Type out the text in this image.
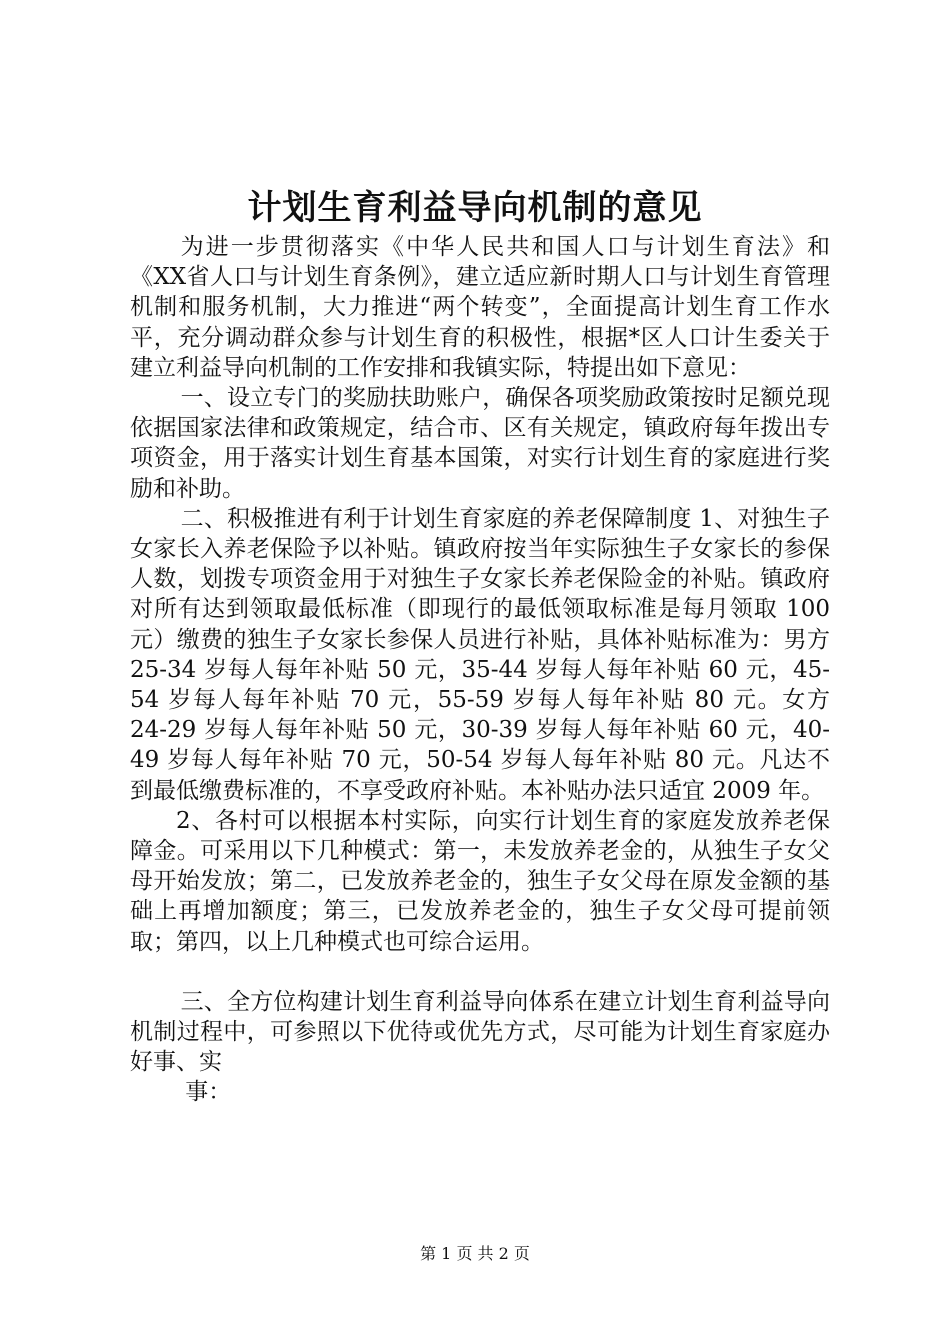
计划生育利益导向机制的意见

为进一步贯彻落实《中华人民共和国人口与计划生育法》和《XX省人口与计划生育条例》，建立适应新时期人口与计划生育管理机制和服务机制，大力推进“两个转变”，全面提高计划生育工作水平，充分调动群众参与计划生育的积极性，根据*区人口计生委关于建立利益导向机制的工作安排和我镇实际，特提出如下意见：

一、设立专门的奖励扶助账户，确保各项奖励政策按时足额兑现依据国家法律和政策规定，结合市、区有关规定，镇政府每年拨出专项资金，用于落实计划生育基本国策，对实行计划生育的家庭进行奖励和补助。

二、积极推进有利于计划生育家庭的养老保障制度 1、对独生子女家长入养老保险予以补贴。镇政府按当年实际独生子女家长的参保人数，划拨专项资金用于对独生子女家长养老保险金的补贴。镇政府对所有达到领取最低标准（即现行的最低领取标准是每月领取 100 元）缴费的独生子女家长参保人员进行补贴，具体补贴标准为：男方 25-34 岁每人每年补贴 50 元，35-44 岁每人每年补贴 60 元，45-54 岁每人每年补贴 70 元，55-59 岁每人每年补贴 80 元。女方 24-29 岁每人每年补贴 50 元，30-39 岁每人每年补贴 60 元，40-49 岁每人每年补贴 70 元，50-54 岁每人每年补贴 80 元。凡达不到最低缴费标准的，不享受政府补贴。本补贴办法只适宜 2009 年。

2、各村可以根据本村实际，向实行计划生育的家庭发放养老保障金。可采用以下几种模式：第一，未发放养老金的，从独生子女父母开始发放；第二，已发放养老金的，独生子女父母在原发金额的基础上再增加额度；第三，已发放养老金的，独生子女父母可提前领取；第四，以上几种模式也可综合运用。

三、全方位构建计划生育利益导向体系在建立计划生育利益导向机制过程中，可参照以下优待或优先方式，尽可能为计划生育家庭办好事、实

事：

第 1 页 共 2 页
